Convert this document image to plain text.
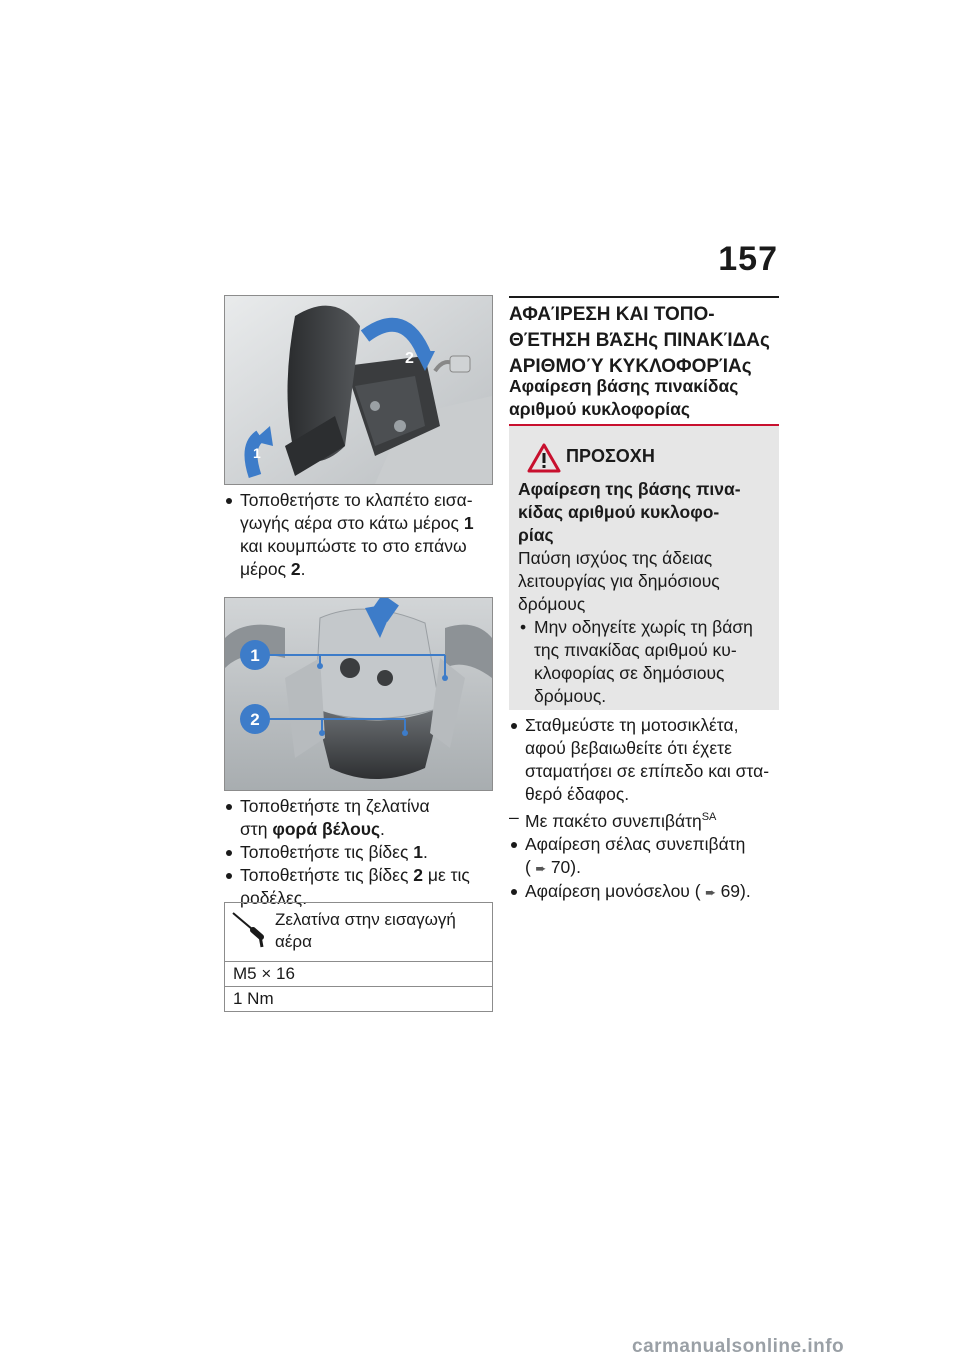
157
2
1
Τοποθετήστε το κλαπέτο εισα-
γωγής αέρα στο κάτω μέρος 1
και κουμπώστε το στο επάνω
μέρος 2.
1
2
Τοποθετήστε τη ζελατίνα
στη φορά βέλους.
Τοποθετήστε τις βίδες 1.
Τοποθετήστε τις βίδες 2 με τις
ροδέλες.
Ζελατίνα στην εισαγωγή
αέρα
M5 × 16
1 Nm
ΑΦΑΊΡΕΣΗ ΚΑΙ ΤΟΠΟ-
ΘΈΤΗΣΗ ΒΆΣΗς ΠΙΝΑΚΊΔΑς
ΑΡΙΘΜΟΎ ΚΥΚΛΟΦΟΡΊΑς
Αφαίρεση βάσης πινακίδας
αριθμού κυκλοφορίας
ΠΡΟΣΟΧΗ
Αφαίρεση της βάσης πινα-
κίδας αριθμού κυκλοφο-
ρίας
Παύση ισχύος της άδειας
λειτουργίας για δημόσιους
δρόμους
• Μην οδηγείτε χωρίς τη βάση
της πινακίδας αριθμού κυ-
κλοφορίας σε δημόσιους
δρόμους.
Σταθμεύστε τη μοτοσικλέτα,
αφού βεβαιωθείτε ότι έχετε
σταματήσει σε επίπεδο και στα-
θερό έδαφος.
– Με πακέτο συνεπιβάτη$^{SA}$
Αφαίρεση σέλας συνεπιβάτη
( ➨ 70).
Αφαίρεση μονόσελου ( ➨ 69).
carmanualsonline.info
